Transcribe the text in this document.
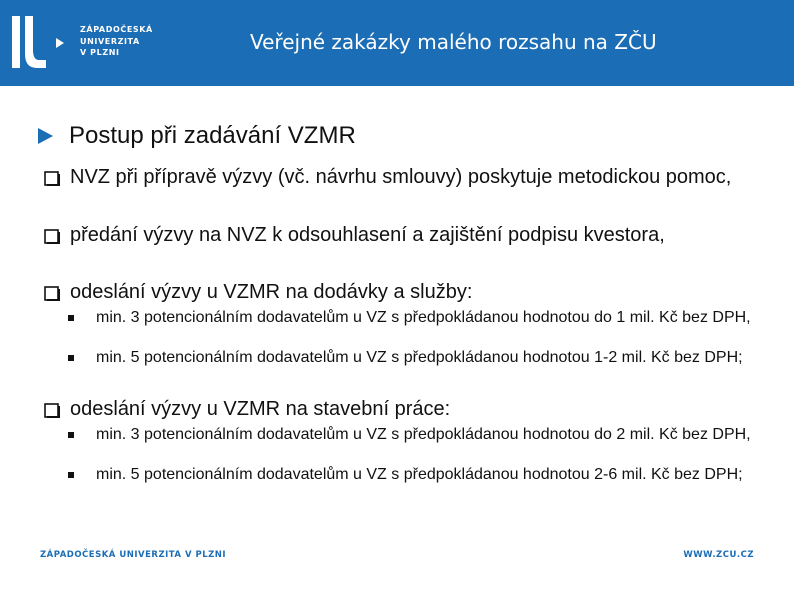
ZÁPADOČESKÁ
UNIVERZITA
V PLZNI	Veřejné zakázky malého rozsahu na ZČU
Postup při zadávání VZMR
NVZ při přípravě výzvy (vč. návrhu smlouvy) poskytuje metodickou pomoc,
předání výzvy na NVZ k odsouhlasení a zajištění podpisu kvestora,
odeslání výzvy u VZMR na dodávky a služby:
min. 3 potencionálním dodavatelům u VZ s předpokládanou hodnotou do 1 mil. Kč bez DPH,
min. 5 potencionálním dodavatelům u VZ s předpokládanou hodnotou 1-2 mil. Kč bez DPH;
odeslání výzvy u VZMR na stavební práce:
min. 3 potencionálním dodavatelům u VZ s předpokládanou hodnotou do 2 mil. Kč bez DPH,
min. 5 potencionálním dodavatelům u VZ s předpokládanou hodnotou 2-6 mil. Kč bez DPH;
ZÁPADOČESKÁ UNIVERZITA V PLZNI	WWW.ZCU.CZ
